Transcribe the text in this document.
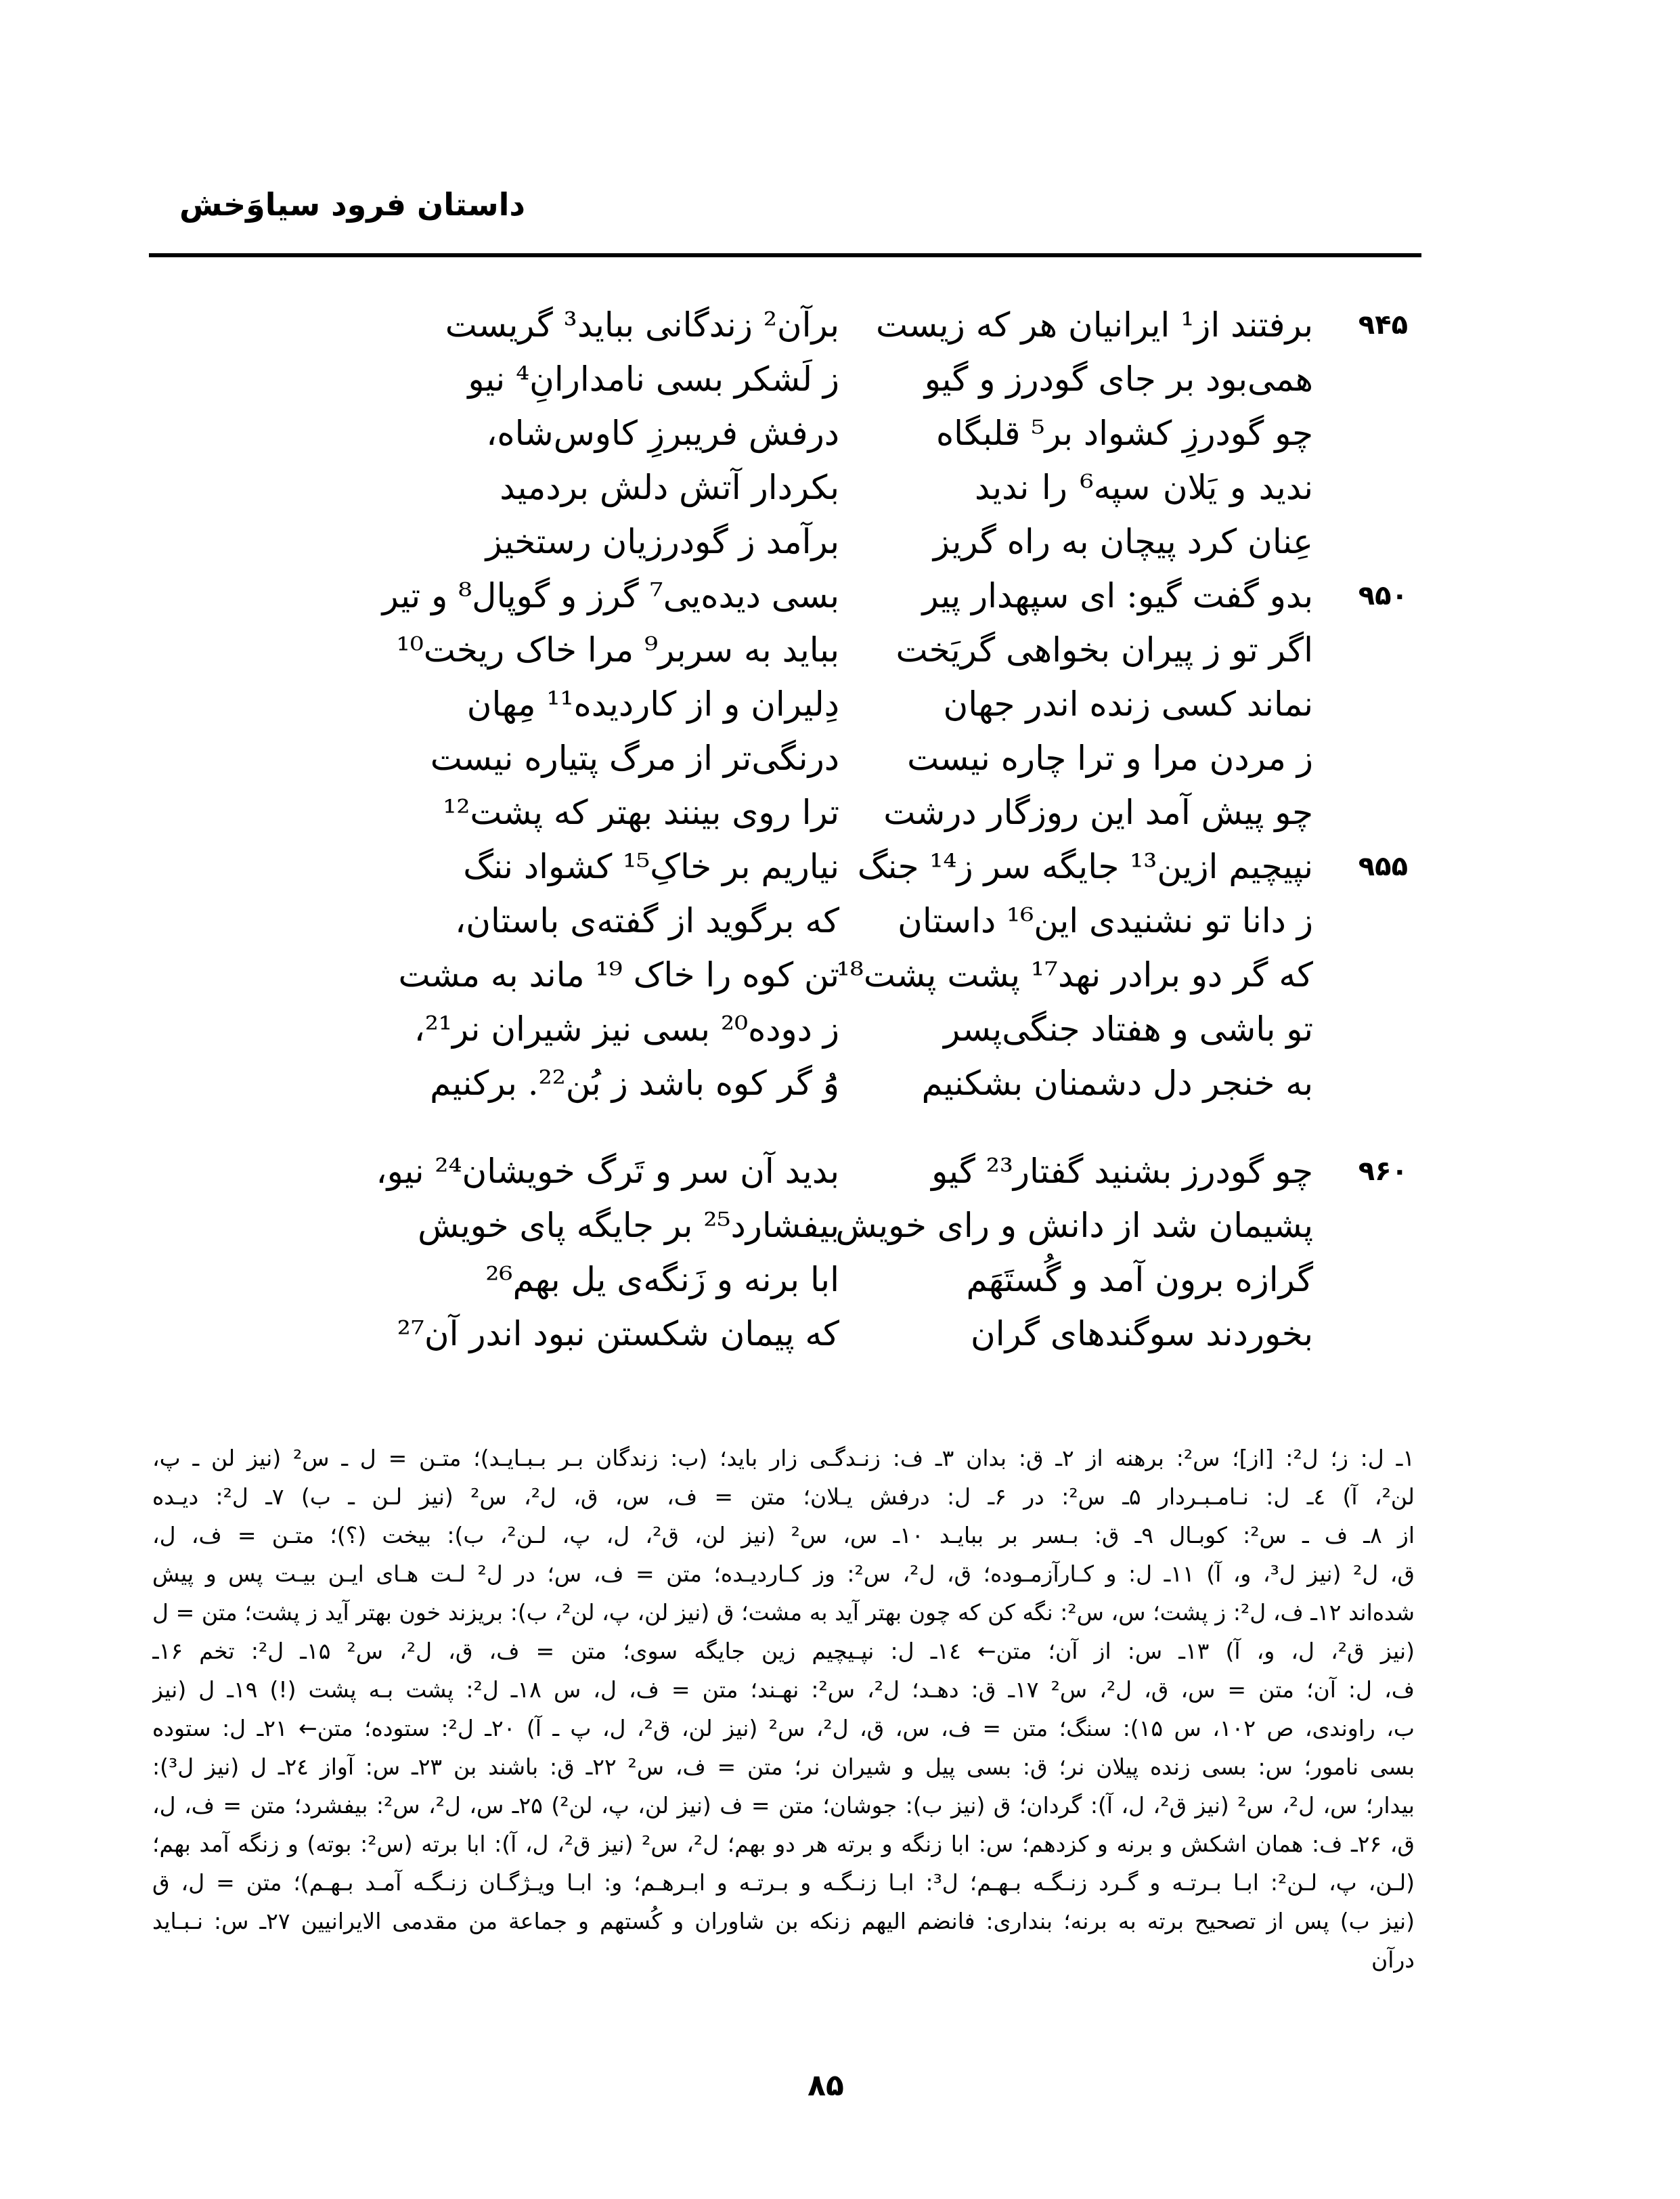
داستان فرود سیاوَخش
۹۴۵
برفتند از¹ ایرانیان هر که زیست
برآن² زندگانی بباید³ گریست
همی‌بود بر جای گودرز و گیو
ز لَشکر بسی نامدارانِ⁴ نیو
چو گودرزِ کشواد بر⁵ قلبگاه
درفش فریبرزِ کاوس‌شاه،
ندید و یَلان سپه⁶ را ندید
بکردار آتش دلش بردمید
عِنان کرد پیچان به راه گریز
برآمد ز گودرزیان رستخیز
۹۵۰
بدو گفت گیو: ای سپهدار پیر
بسی دیده‌یی⁷ گرز و گوپال⁸ و تیر
اگر تو ز پیران بخواهی گریَخت
بباید به سربر⁹ مرا خاک ریخت¹⁰
نماند کسی زنده اندر جهان
دِلیران و از کاردیده¹¹ مِهان
ز مردن مرا و ترا چاره نیست
درنگی‌تر از مرگ پتیاره نیست
چو پیش آمد این روزگار درشت
ترا روی بینند بهتر که پشت¹²
۹۵۵
نپیچیم ازین¹³ جایگه سر ز¹⁴ جنگ
نیاریم بر خاکِ¹⁵ کشواد ننگ
ز دانا تو نشنیدی این¹⁶ داستان
که برگوید از گفته‌ی باستان،
که گر دو برادر نهد¹⁷ پشت پشت¹⁸
تن کوه را خاک ¹⁹ ماند به مشت
تو باشی و هفتاد جنگی‌پسر
ز دوده²⁰ بسی نیز شیران نر²¹،
به خنجر دل دشمنان بشکنیم
وَُ گر کوه باشد ز بُن²². برکنیم
۹۶۰
چو گودرز بشنید گفتار²³ گیو
بدید آن سر و تَرگ خویشان²⁴ نیو،
پشیمان شد از دانش و رای خویش
بیفشارد²⁵ بر جایگه پای خویش
گرازه برون آمد و گُستَهَم
ابا برنه و زَنگه‌ی یل بهم²⁶
بخوردند سوگندهای گران
که پیمان شکستن نبود اندر آن²⁷
۱ـ ل: ز؛ ل²: [از]؛ س²: برهنه از ۲ـ ق: بدان ۳ـ ف: زنـدگـی زار باید؛ (ب: زندگان بـر بـبـایـد)؛ متـن = ل ـ س² (نیز لن ـ پ،
لن²، آ) ٤ـ ل: نـامـبـردار ۵ـ س²: در ۶ـ ل: درفش یـلان؛ متن = ف، س، ق، ل²، س² (نیز لـن ـ ب) ۷ـ ل²: دیـده
از ۸ـ ف ـ س²: کوبـال ۹ـ ق: بـسر بر ببایـد ۱۰ـ س، س² (نیز لن، ق²، ل، پ، لـن²، ب): بیخت (؟)؛ متـن = ف، ل،
ق، ل² (نیز ل³، و، آ) ۱۱ـ ل: و کـارآزمـوده؛ ق، ل²، س²: وز کـاردیـده؛ متن = ف، س؛ در ل² لـت هـای ایـن بیـت پس و پیش
شده‌اند ۱۲ـ ف، ل²: ز پشت؛ س، س²: نگه کن که چون بهتر آید به مشت؛ ق (نیز لن، پ، لن²، ب): بریزند خون بهتر آید ز پشت؛ متن = ل
(نیز ق²، ل، و، آ) ۱۳ـ س: از آن؛ متن← ۱٤ـ ل: نپـیچیم زین جایگه سوی؛ متن = ف، ق، ل²، س² ۱۵ـ ل²: تخم ۱۶ـ
ف، ل: آن؛ متن = س، ق، ل²، س² ۱۷ـ ق: دهـد؛ ل²، س²: نهـند؛ متن = ف، ل، س ۱۸ـ ل²: پشت بـه پشت (!) ۱۹ـ ل (نیز
ب، راوندی، ص ۱۰۲، س ۱۵): سنگ؛ متن = ف، س، ق، ل²، س² (نیز لن، ق²، ل، پ ـ آ) ۲۰ـ ل²: ستوده؛ متن← ۲۱ـ ل: ستوده
بسی نامور؛ س: بسی زنده پیلان نر؛ ق: بسی پیل و شیران نر؛ متن = ف، س² ۲۲ـ ق: باشند بن ۲۳ـ س: آواز ۲٤ـ ل (نیز ل³):
بیدار؛ س، ل²، س² (نیز ق²، ل، آ): گردان؛ ق (نیز ب): جوشان؛ متن = ف (نیز لن، پ، لن²) ۲۵ـ س، ل²، س²: بیفشرد؛ متن = ف، ل،
ق، ۲۶ـ ف: همان اشکش و برنه و کزدهم؛ س: ابا زنگه و برته هر دو بهم؛ ل²، س² (نیز ق²، ل، آ): ابا برته (س²: بوته) و زنگه آمد بهم؛
(لـن، پ، لـن²: ابـا بـرتـه و گـرد زنـگـه بـهـم؛ ل³: ابـا زنـگـه و بـرتـه و ابـرهـم؛ و: ابـا ویـژگـان زنـگـه آمـد بـهـم)؛ متن = ل، ق
(نیز ب) پس از تصحیح برته به برنه؛ بنداری: فانضم الیهم زنکه بن شاوران و کُستهم و جماعة من مقدمی الایرانیین ۲۷ـ س: نـبـاید
درآن
۸۵
